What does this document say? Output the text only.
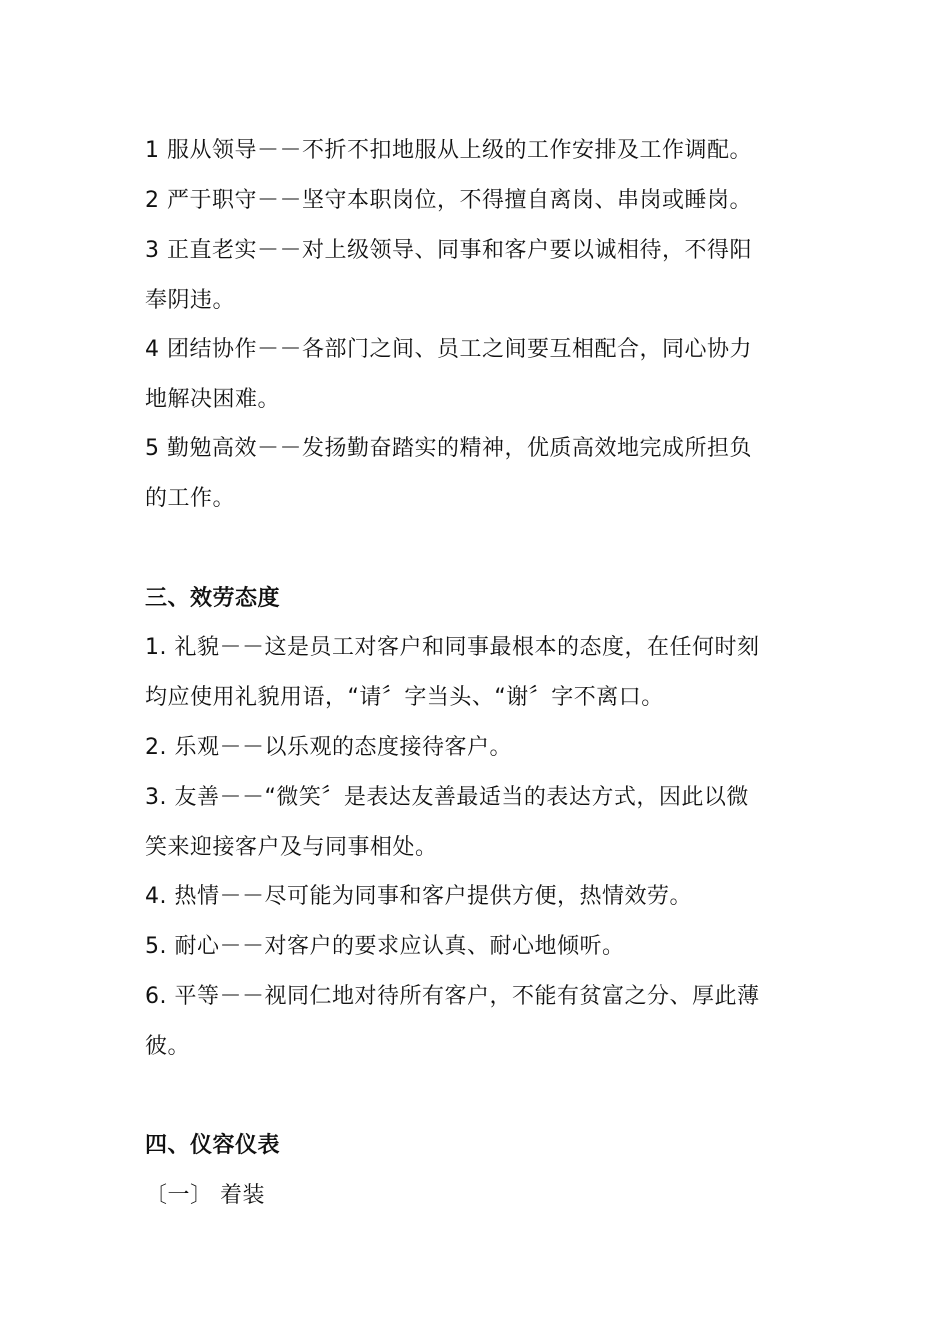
1 服从领导－－不折不扣地服从上级的工作安排及工作调配。
2 严于职守－－坚守本职岗位，不得擅自离岗、串岗或睡岗。
3 正直老实－－对上级领导、同事和客户要以诚相待，不得阳
奉阴违。
4 团结协作－－各部门之间、员工之间要互相配合，同心协力
地解决困难。
5 勤勉高效－－发扬勤奋踏实的精神，优质高效地完成所担负
的工作。
三、效劳态度
1. 礼貌－－这是员工对客户和同事最根本的态度，在任何时刻
均应使用礼貌用语，“请〞字当头、“谢〞字不离口。
2. 乐观－－以乐观的态度接待客户。
3. 友善－－“微笑〞是表达友善最适当的表达方式，因此以微
笑来迎接客户及与同事相处。
4. 热情－－尽可能为同事和客户提供方便，热情效劳。
5. 耐心－－对客户的要求应认真、耐心地倾听。
6. 平等－－视同仁地对待所有客户，不能有贫富之分、厚此薄
彼。
四、仪容仪表
〔一〕 着装
